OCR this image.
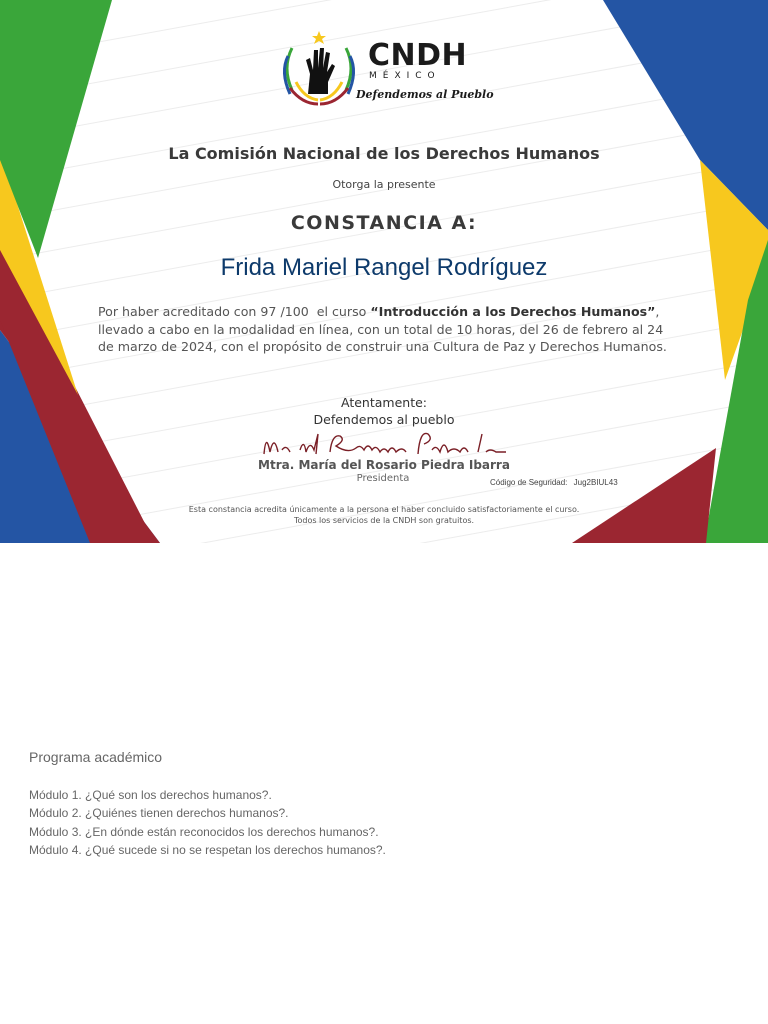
CNDH
MÉXICO
Defendemos al Pueblo
La Comisión Nacional de los Derechos Humanos
Otorga la presente
CONSTANCIA A:
Frida Mariel Rangel Rodríguez
Por haber acreditado con 97 /100 el curso “Introducción a los Derechos Humanos”, llevado a cabo en la modalidad en línea, con un total de 10 horas, del 26 de febrero al 24 de marzo de 2024, con el propósito de construir una Cultura de Paz y Derechos Humanos.
Atentamente:
Defendemos al pueblo
Mtra. María del Rosario Piedra Ibarra
Presidenta	Código de Seguridad: Jug2BIUL43
Esta constancia acredita únicamente a la persona el haber concluido satisfactoriamente el curso.
Todos los servicios de la CNDH son gratuitos.
Programa académico
Módulo 1. ¿Qué son los derechos humanos?.
Módulo 2. ¿Quiénes tienen derechos humanos?.
Módulo 3. ¿En dónde están reconocidos los derechos humanos?.
Módulo 4. ¿Qué sucede si no se respetan los derechos humanos?.
